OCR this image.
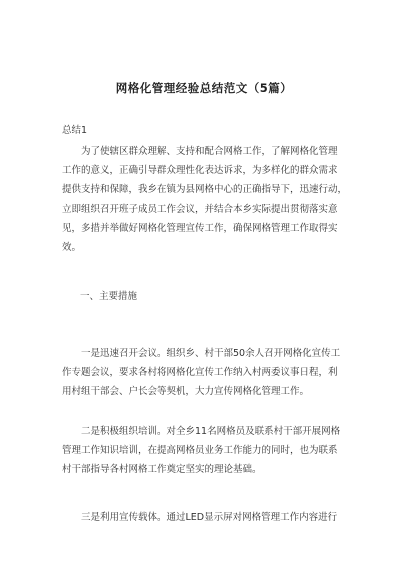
网格化管理经验总结范文（5篇）
总结1
为了使辖区群众理解、支持和配合网格工作，了解网格化管理
工作的意义，正确引导群众理性化表达诉求，为多样化的群众需求
提供支持和保障，我乡在镇为县网格中心的正确指导下，迅速行动，
立即组织召开班子成员工作会议，并结合本乡实际提出贯彻落实意
见，多措并举做好网格化管理宣传工作，确保网格管理工作取得实
效。
一、主要措施
一是迅速召开会议。组织乡、村干部50余人召开网格化宣传工
作专题会议，要求各村将网格化宣传工作纳入村两委议事日程，利
用村组干部会、户长会等契机，大力宣传网格化管理工作。
二是积极组织培训。对全乡11名网格员及联系村干部开展网格
管理工作知识培训，在提高网格员业务工作能力的同时，也为联系
村干部指导各村网格工作奠定坚实的理论基础。
三是利用宣传载体。通过LED显示屏对网格管理工作内容进行
